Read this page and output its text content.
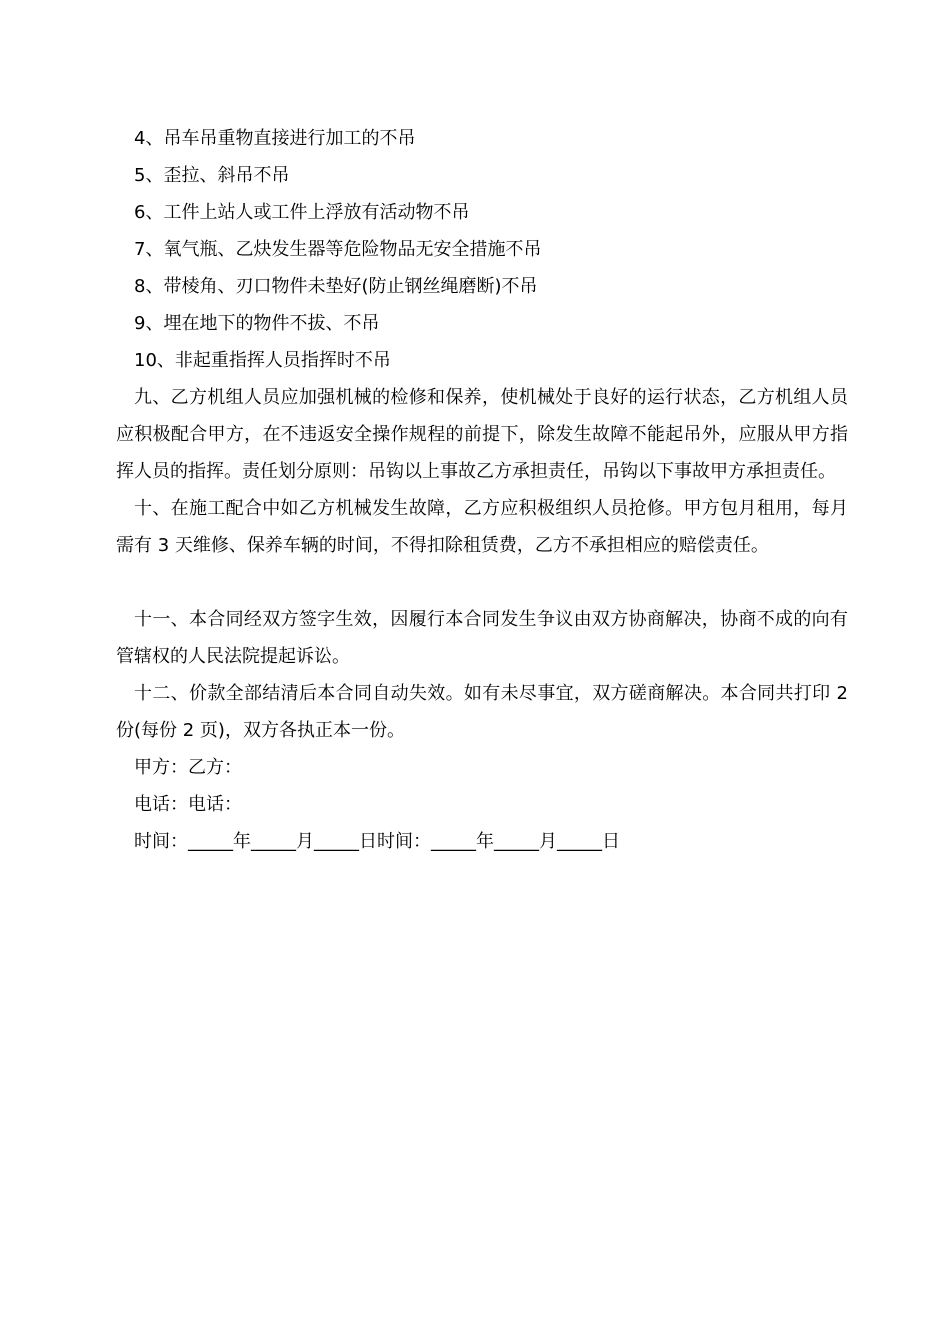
4、吊车吊重物直接进行加工的不吊

5、歪拉、斜吊不吊

6、工件上站人或工件上浮放有活动物不吊

7、氧气瓶、乙炔发生器等危险物品无安全措施不吊

8、带棱角、刃口物件未垫好(防止钢丝绳磨断)不吊

9、埋在地下的物件不拔、不吊

10、非起重指挥人员指挥时不吊

九、乙方机组人员应加强机械的检修和保养，使机械处于良好的运行状态，乙方机组人员应积极配合甲方，在不违返安全操作规程的前提下，除发生故障不能起吊外，应服从甲方指挥人员的指挥。责任划分原则：吊钩以上事故乙方承担责任，吊钩以下事故甲方承担责任。

十、在施工配合中如乙方机械发生故障，乙方应积极组织人员抢修。甲方包月租用，每月需有 3 天维修、保养车辆的时间，不得扣除租赁费，乙方不承担相应的赔偿责任。

十一、本合同经双方签字生效，因履行本合同发生争议由双方协商解决，协商不成的向有管辖权的人民法院提起诉讼。

十二、价款全部结清后本合同自动失效。如有未尽事宜，双方磋商解决。本合同共打印 2 份(每份 2 页)，双方各执正本一份。

甲方：乙方：

电话：电话：

时间：_____年_____月_____日时间：_____年_____月_____日
